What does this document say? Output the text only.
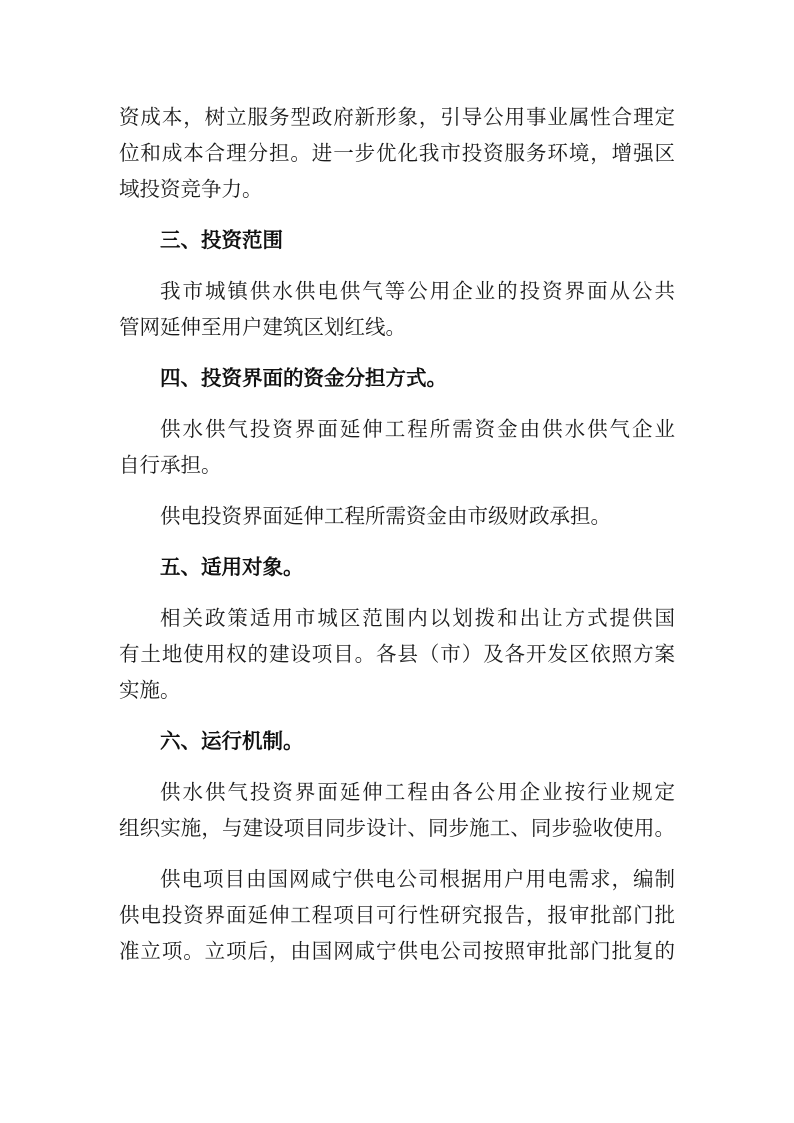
资成本，树立服务型政府新形象，引导公用事业属性合理定
位和成本合理分担。进一步优化我市投资服务环境，增强区
域投资竞争力。
三、投资范围
我市城镇供水供电供气等公用企业的投资界面从公共
管网延伸至用户建筑区划红线。
四、投资界面的资金分担方式。
供水供气投资界面延伸工程所需资金由供水供气企业
自行承担。
供电投资界面延伸工程所需资金由市级财政承担。
五、适用对象。
相关政策适用市城区范围内以划拨和出让方式提供国
有土地使用权的建设项目。各县（市）及各开发区依照方案
实施。
六、运行机制。
供水供气投资界面延伸工程由各公用企业按行业规定
组织实施，与建设项目同步设计、同步施工、同步验收使用。
供电项目由国网咸宁供电公司根据用户用电需求，编制
供电投资界面延伸工程项目可行性研究报告，报审批部门批
准立项。立项后，由国网咸宁供电公司按照审批部门批复的
